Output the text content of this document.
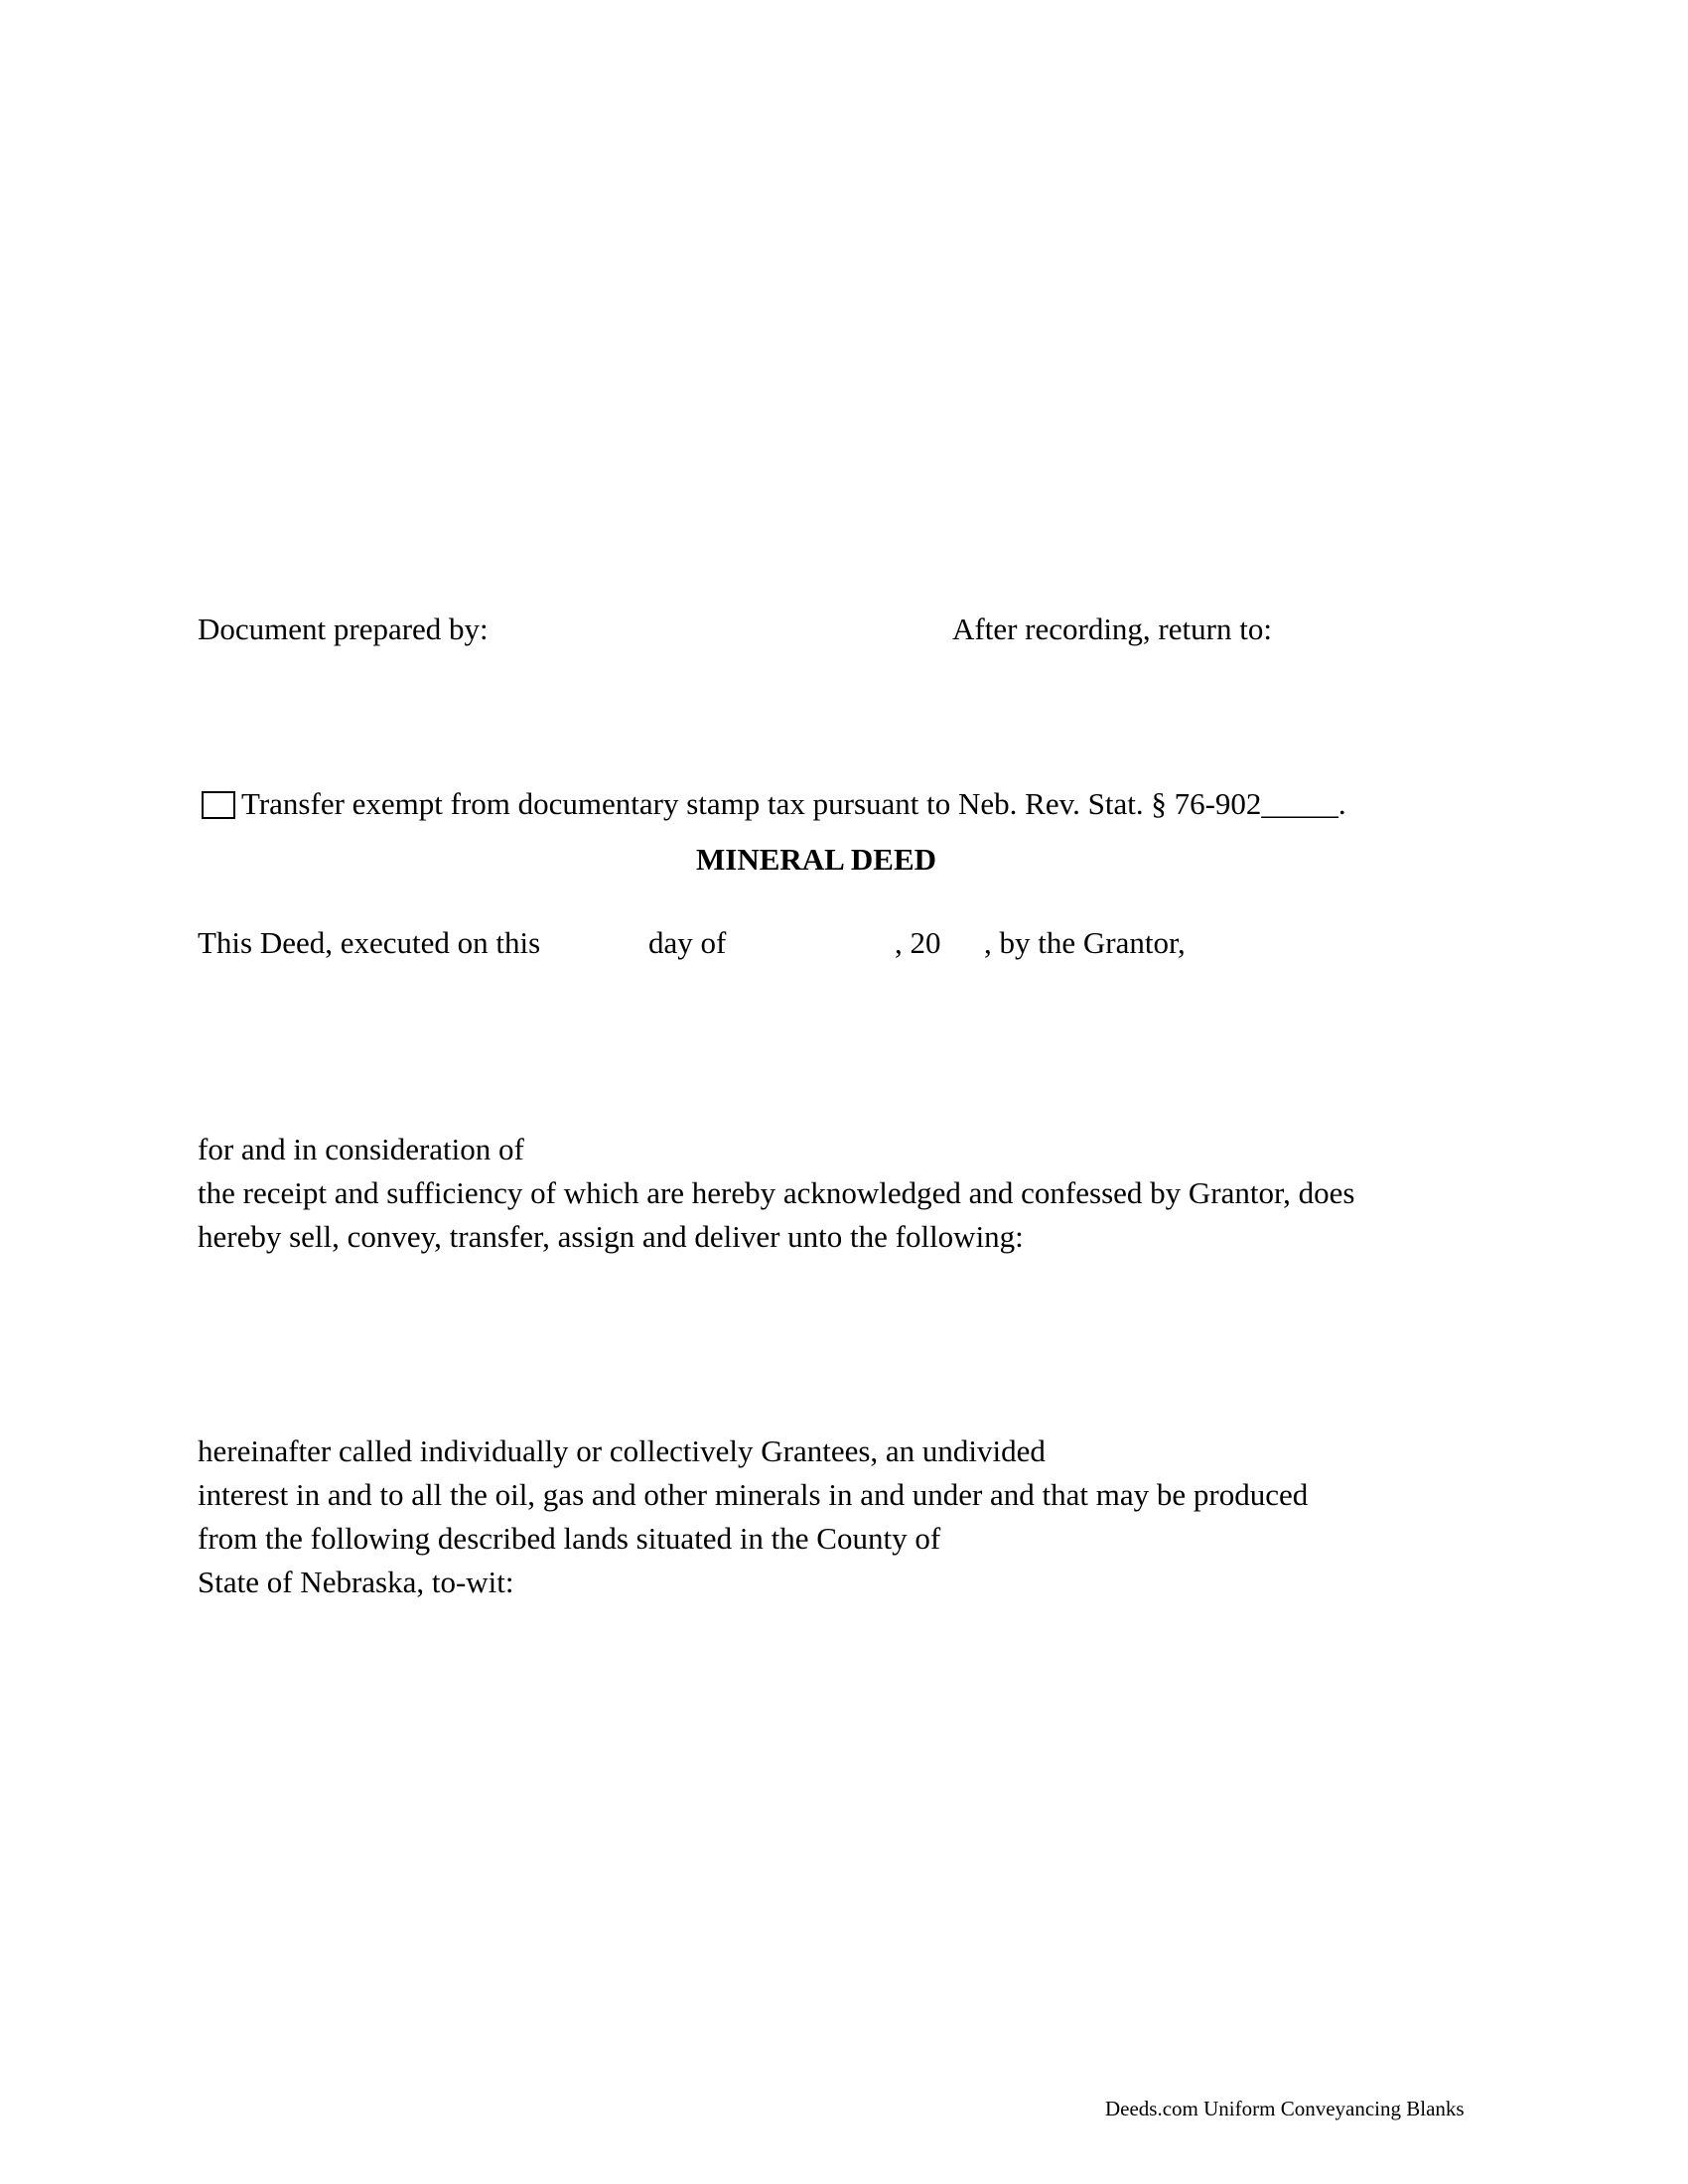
Document prepared by:	After recording, return to:
Transfer exempt from documentary stamp tax pursuant to Neb. Rev. Stat. § 76-902_____.
MINERAL DEED
This Deed, executed on this	day of	, 20 , by the Grantor,
for and in consideration of
the receipt and sufficiency of which are hereby acknowledged and confessed by Grantor, does
hereby sell, convey, transfer, assign and deliver unto the following:
hereinafter called individually or collectively Grantees, an undivided
interest in and to all the oil, gas and other minerals in and under and that may be produced
from the following described lands situated in the County of
State of Nebraska, to-wit:
Deeds.com Uniform Conveyancing Blanks
